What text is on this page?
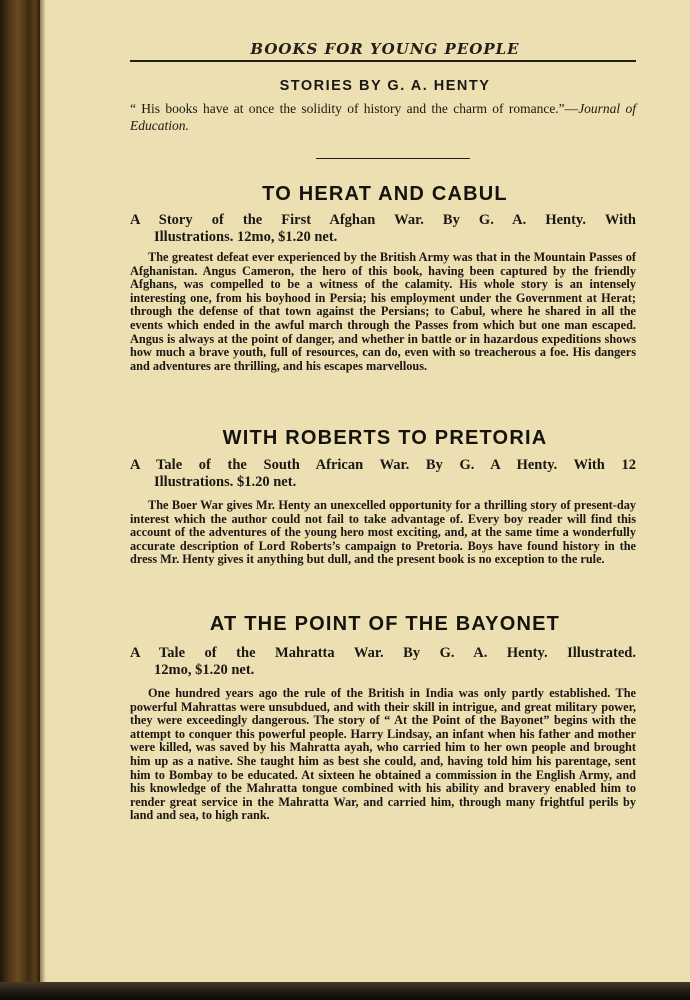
BOOKS FOR YOUNG PEOPLE
STORIES BY G. A. HENTY
“ His books have at once the solidity of history and the charm of romance.”—Journal of Education.
TO HERAT AND CABUL
A Story of the First Afghan War. By G. A. Henty. With
Illustrations. 12mo, $1.20 net.
The greatest defeat ever experienced by the British Army was that in the Mountain Passes of Afghanistan. Angus Cameron, the hero of this book, having been captured by the friendly Afghans, was compelled to be a witness of the calamity. His whole story is an intensely interesting one, from his boyhood in Persia; his employment under the Government at Herat; through the defense of that town against the Persians; to Cabul, where he shared in all the events which ended in the awful march through the Passes from which but one man escaped. Angus is always at the point of danger, and whether in battle or in hazardous expeditions shows how much a brave youth, full of resources, can do, even with so treacherous a foe. His dangers and adventures are thrilling, and his escapes marvellous.
WITH ROBERTS TO PRETORIA
A Tale of the South African War. By G. A Henty. With 12
Illustrations. $1.20 net.
The Boer War gives Mr. Henty an unexcelled opportunity for a thrilling story of present-day interest which the author could not fail to take advantage of. Every boy reader will find this account of the adventures of the young hero most exciting, and, at the same time a wonderfully accurate description of Lord Roberts’s campaign to Pretoria. Boys have found history in the dress Mr. Henty gives it anything but dull, and the present book is no exception to the rule.
AT THE POINT OF THE BAYONET
A Tale of the Mahratta War. By G. A. Henty. Illustrated.
12mo, $1.20 net.
One hundred years ago the rule of the British in India was only partly established. The powerful Mahrattas were unsubdued, and with their skill in intrigue, and great military power, they were exceedingly dangerous. The story of “ At the Point of the Bayonet” begins with the attempt to conquer this powerful people. Harry Lindsay, an infant when his father and mother were killed, was saved by his Mahratta ayah, who carried him to her own people and brought him up as a native. She taught him as best she could, and, having told him his parentage, sent him to Bombay to be educated. At sixteen he obtained a commission in the English Army, and his knowledge of the Mahratta tongue combined with his ability and bravery enabled him to render great service in the Mahratta War, and carried him, through many frightful perils by land and sea, to high rank.
